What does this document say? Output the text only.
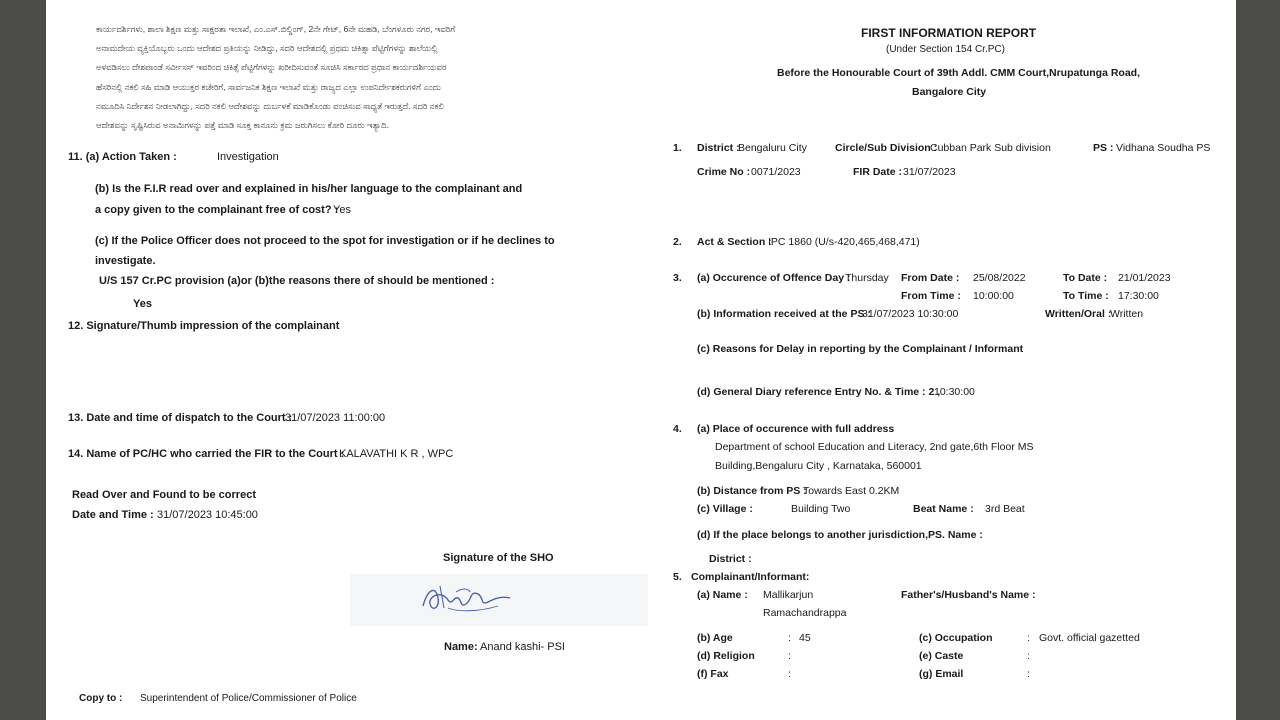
ಕಾರ್ಯದರ್ಶಿಗಳು, ಶಾಲಾ ಶಿಕ್ಷಣ ಮತ್ತು ಸಾಕ್ಷರತಾ ಇಲಾಖೆ, ಎಂ.ಎಸ್.ಬಿಲ್ಡಿಂಗ್, 2ನೇ ಗೇಟ್, 6ನೇ ಮಹಡಿ, ಬೆಂಗಳೂರು ನಗರ, ಇವರಿಗೆ
ಅನಾಮದೇಯ ವ್ಯಕ್ತಿಯೊಬ್ಬರು ಒಂದು ಆದೇಶದ ಪ್ರತಿಯನ್ನು ನೀಡಿದ್ದು, ಸದರಿ ಆದೇಶದಲ್ಲಿ ಪ್ರಥಮ ಚಿಕಿತ್ಸಾ ಪೆಟ್ಟಿಗೆಗಳನ್ನು ಶಾಲೆಯಲ್ಲಿ
ಅಳವಡಿಸಲು ದೇಶಪಾಂಡೆ ಸರ್ವೀಸಸ್ ಇವರಿಂದ ಚಿಕಿತ್ಸೆ ಪೆಟ್ಟಿಗೆಗಳನ್ನು ಖರೀದಿಸುವಂತೆ ಸೂಚಿಸಿ ಸರ್ಕಾರದ ಪ್ರಧಾನ ಕಾರ್ಯದರ್ಶಿಯವರ
ಹೆಸರಿನಲ್ಲಿ ನಕಲಿ ಸಹಿ ಮಾಡಿ ಆಯುಕ್ತರ ಕಚೇರಿಗೆ, ಸಾರ್ವಜನಿಕ ಶಿಕ್ಷಣ ಇಲಾಖೆ ಮತ್ತು ರಾಜ್ಯದ ಎಲ್ಲಾ ಉಪನಿರ್ದೇಶಕರುಗಳಿಗೆ ಎಂದು
ನಮೂದಿಸಿ ನಿರ್ದೇಶನ ನೀಡಲಾಗಿದ್ದು, ಸದರಿ ನಕಲಿ ಆದೇಶವನ್ನು ದುರ್ಬಳಕೆ ಮಾಡಿಕೊಂಡು ವಂಚಿಸುವ ಸಾಧ್ಯತೆ ಇರುತ್ತದೆ. ಸದರಿ ನಕಲಿ
ಆದೇಶವನ್ನು ಸೃಷ್ಟಿಸಿರುವ ಅನಾಮಿಗಳನ್ನು ಪತ್ತೆ ಮಾಡಿ ಸೂಕ್ತ ಕಾನೂನು ಕ್ರಮ ಜರುಗಿಸಲು ಕೋರಿ ದೂರು ಇತ್ಯಾದಿ.
11. (a) Action Taken :	Investigation
(b) Is the F.I.R read over and explained in his/her language to the complainant and
a copy given to the complainant free of cost? :
Yes
(c) If the Police Officer does not proceed to the spot for investigation or if he declines to
investigate.
U/S 157 Cr.PC provision (a)or (b)the reasons there of should be mentioned :
Yes
12. Signature/Thumb impression of the complainant
13. Date and time of dispatch to the Court :
31/07/2023 11:00:00
14. Name of PC/HC who carried the FIR to the Court :
KALAVATHI K R , WPC
Read Over and Found to be correct
Date and Time : 31/07/2023 10:45:00
Signature of the SHO
Name: Anand kashi- PSI
Copy to : Superintendent of Police/Commissioner of Police
FIRST INFORMATION REPORT
(Under Section 154 Cr.PC)
Before the Honourable Court of 39th Addl. CMM Court,Nrupatunga Road,
Bangalore City
1. District :
Bengaluru City	Circle/Sub Division :
Cubban Park Sub division	PS : Vidhana Soudha PS
Crime No : 0071/2023	FIR Date : 31/07/2023
2. Act & Section :
IPC 1860 (U/s-420,465,468,471)
3. (a) Occurence of Offence Day :
Thursday From Date : 25/08/2022	To Date : 21/01/2023
From Time : 10:00:00	To Time : 17:30:00
(b) Information received at the PS :
31/07/2023 10:30:00	Written/Oral :
Written
(c) Reasons for Delay in reporting by the Complainant / Informant
(d) General Diary reference Entry No. & Time : 2 ,
10:30:00
4. (a) Place of occurence with full address
Department of school Education and Literacy, 2nd gate,6th Floor MS
Building,Bengaluru City , Karnataka, 560001
(b) Distance from PS :
Towards East 0.2KM
(c) Village :	Building Two	Beat Name : 3rd Beat
(d) If the place belongs to another jurisdiction,PS. Name :
District :
5. Complainant/Informant:
(a) Name : Mallikarjun
Ramachandrappa
Father's/Husband's Name :
(b) Age	: 45	(c) Occupation	: Govt. official gazetted
(d) Religion	:	(e) Caste	:
(f) Fax	:	(g) Email	:
